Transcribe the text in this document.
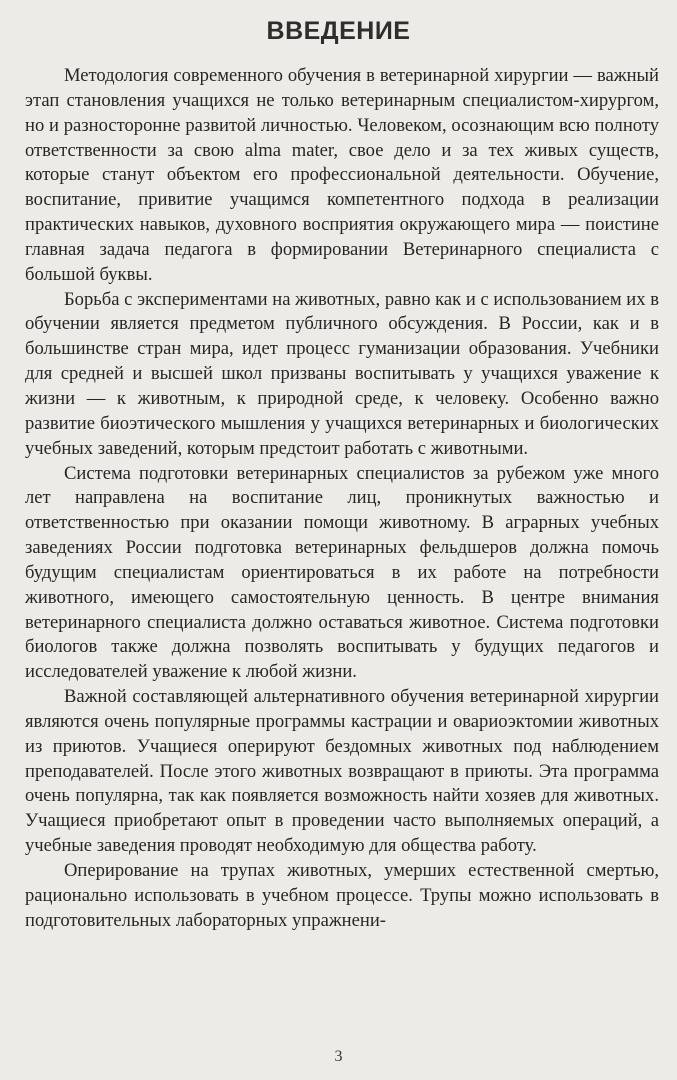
ВВЕДЕНИЕ

Методология современного обучения в ветеринарной хирургии — важный этап становления учащихся не только ветеринарным специалистом-хирургом, но и разносторонне развитой личностью. Человеком, осознающим всю полноту ответственности за свою alma mater, свое дело и за тех живых существ, которые станут объектом его профессиональной деятельности. Обучение, воспитание, привитие учащимся компетентного подхода в реализации практических навыков, духовного восприятия окружающего мира — поистине главная задача педагога в формировании Ветеринарного специалиста с большой буквы.

Борьба с экспериментами на животных, равно как и с использованием их в обучении является предметом публичного обсуждения. В России, как и в большинстве стран мира, идет процесс гуманизации образования. Учебники для средней и высшей школ призваны воспитывать у учащихся уважение к жизни — к животным, к природной среде, к человеку. Особенно важно развитие биоэтического мышления у учащихся ветеринарных и биологических учебных заведений, которым предстоит работать с животными.

Система подготовки ветеринарных специалистов за рубежом уже много лет направлена на воспитание лиц, проникнутых важностью и ответственностью при оказании помощи животному. В аграрных учебных заведениях России подготовка ветеринарных фельдшеров должна помочь будущим специалистам ориентироваться в их работе на потребности животного, имеющего самостоятельную ценность. В центре внимания ветеринарного специалиста должно оставаться животное. Система подготовки биологов также должна позволять воспитывать у будущих педагогов и исследователей уважение к любой жизни.

Важной составляющей альтернативного обучения ветеринарной хирургии являются очень популярные программы кастрации и овариоэктомии животных из приютов. Учащиеся оперируют бездомных животных под наблюдением преподавателей. После этого животных возвращают в приюты. Эта программа очень популярна, так как появляется возможность найти хозяев для животных. Учащиеся приобретают опыт в проведении часто выполняемых операций, а учебные заведения проводят необходимую для общества работу.

Оперирование на трупах животных, умерших естественной смертью, рационально использовать в учебном процессе. Трупы можно использовать в подготовительных лабораторных упражнени-

3
